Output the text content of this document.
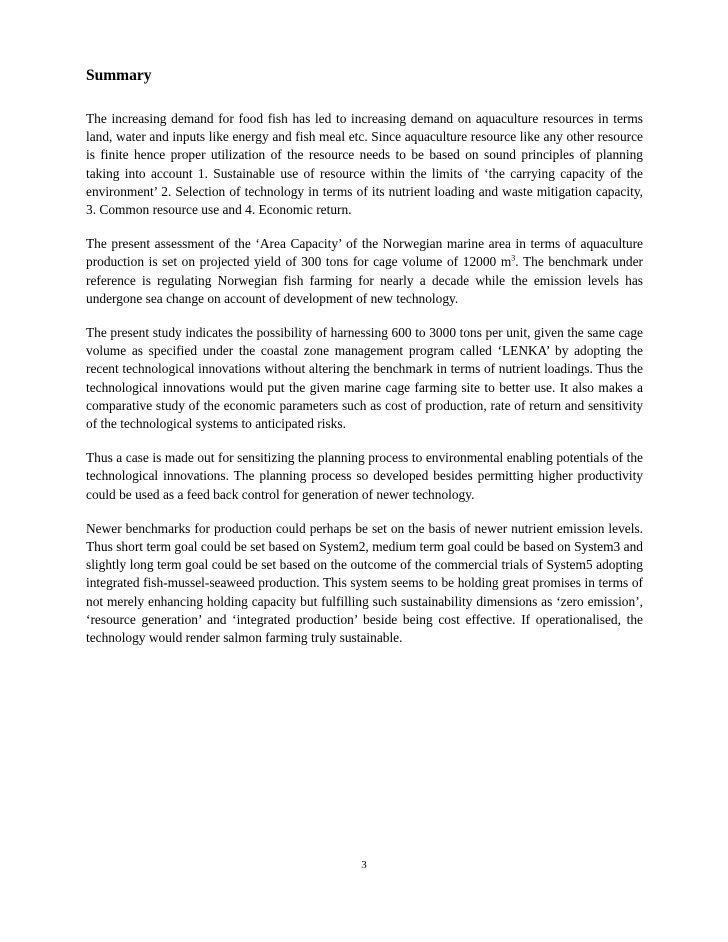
Summary

The increasing demand for food fish has led to increasing demand on aquaculture resources in terms land, water and inputs like energy and fish meal etc. Since aquaculture resource like any other resource is finite hence proper utilization of the resource needs to be based on sound principles of planning taking into account 1. Sustainable use of resource within the limits of ‘the carrying capacity of the environment’ 2. Selection of technology in terms of its nutrient loading and waste mitigation capacity, 3. Common resource use and 4. Economic return.

The present assessment of the ‘Area Capacity’ of the Norwegian marine area in terms of aquaculture production is set on projected yield of 300 tons for cage volume of 12000 $m^3$. The benchmark under reference is regulating Norwegian fish farming for nearly a decade while the emission levels has undergone sea change on account of development of new technology.

The present study indicates the possibility of harnessing 600 to 3000 tons per unit, given the same cage volume as specified under the coastal zone management program called ‘LENKA’ by adopting the recent technological innovations without altering the benchmark in terms of nutrient loadings. Thus the technological innovations would put the given marine cage farming site to better use. It also makes a comparative study of the economic parameters such as cost of production, rate of return and sensitivity of the technological systems to anticipated risks.

Thus a case is made out for sensitizing the planning process to environmental enabling potentials of the technological innovations. The planning process so developed besides permitting higher productivity could be used as a feed back control for generation of newer technology.

Newer benchmarks for production could perhaps be set on the basis of newer nutrient emission levels. Thus short term goal could be set based on System2, medium term goal could be based on System3 and slightly long term goal could be set based on the outcome of the commercial trials of System5 adopting integrated fish-mussel-seaweed production. This system seems to be holding great promises in terms of not merely enhancing holding capacity but fulfilling such sustainability dimensions as ‘zero emission’, ‘resource generation’ and ‘integrated production’ beside being cost effective. If operationalised, the technology would render salmon farming truly sustainable.

3
